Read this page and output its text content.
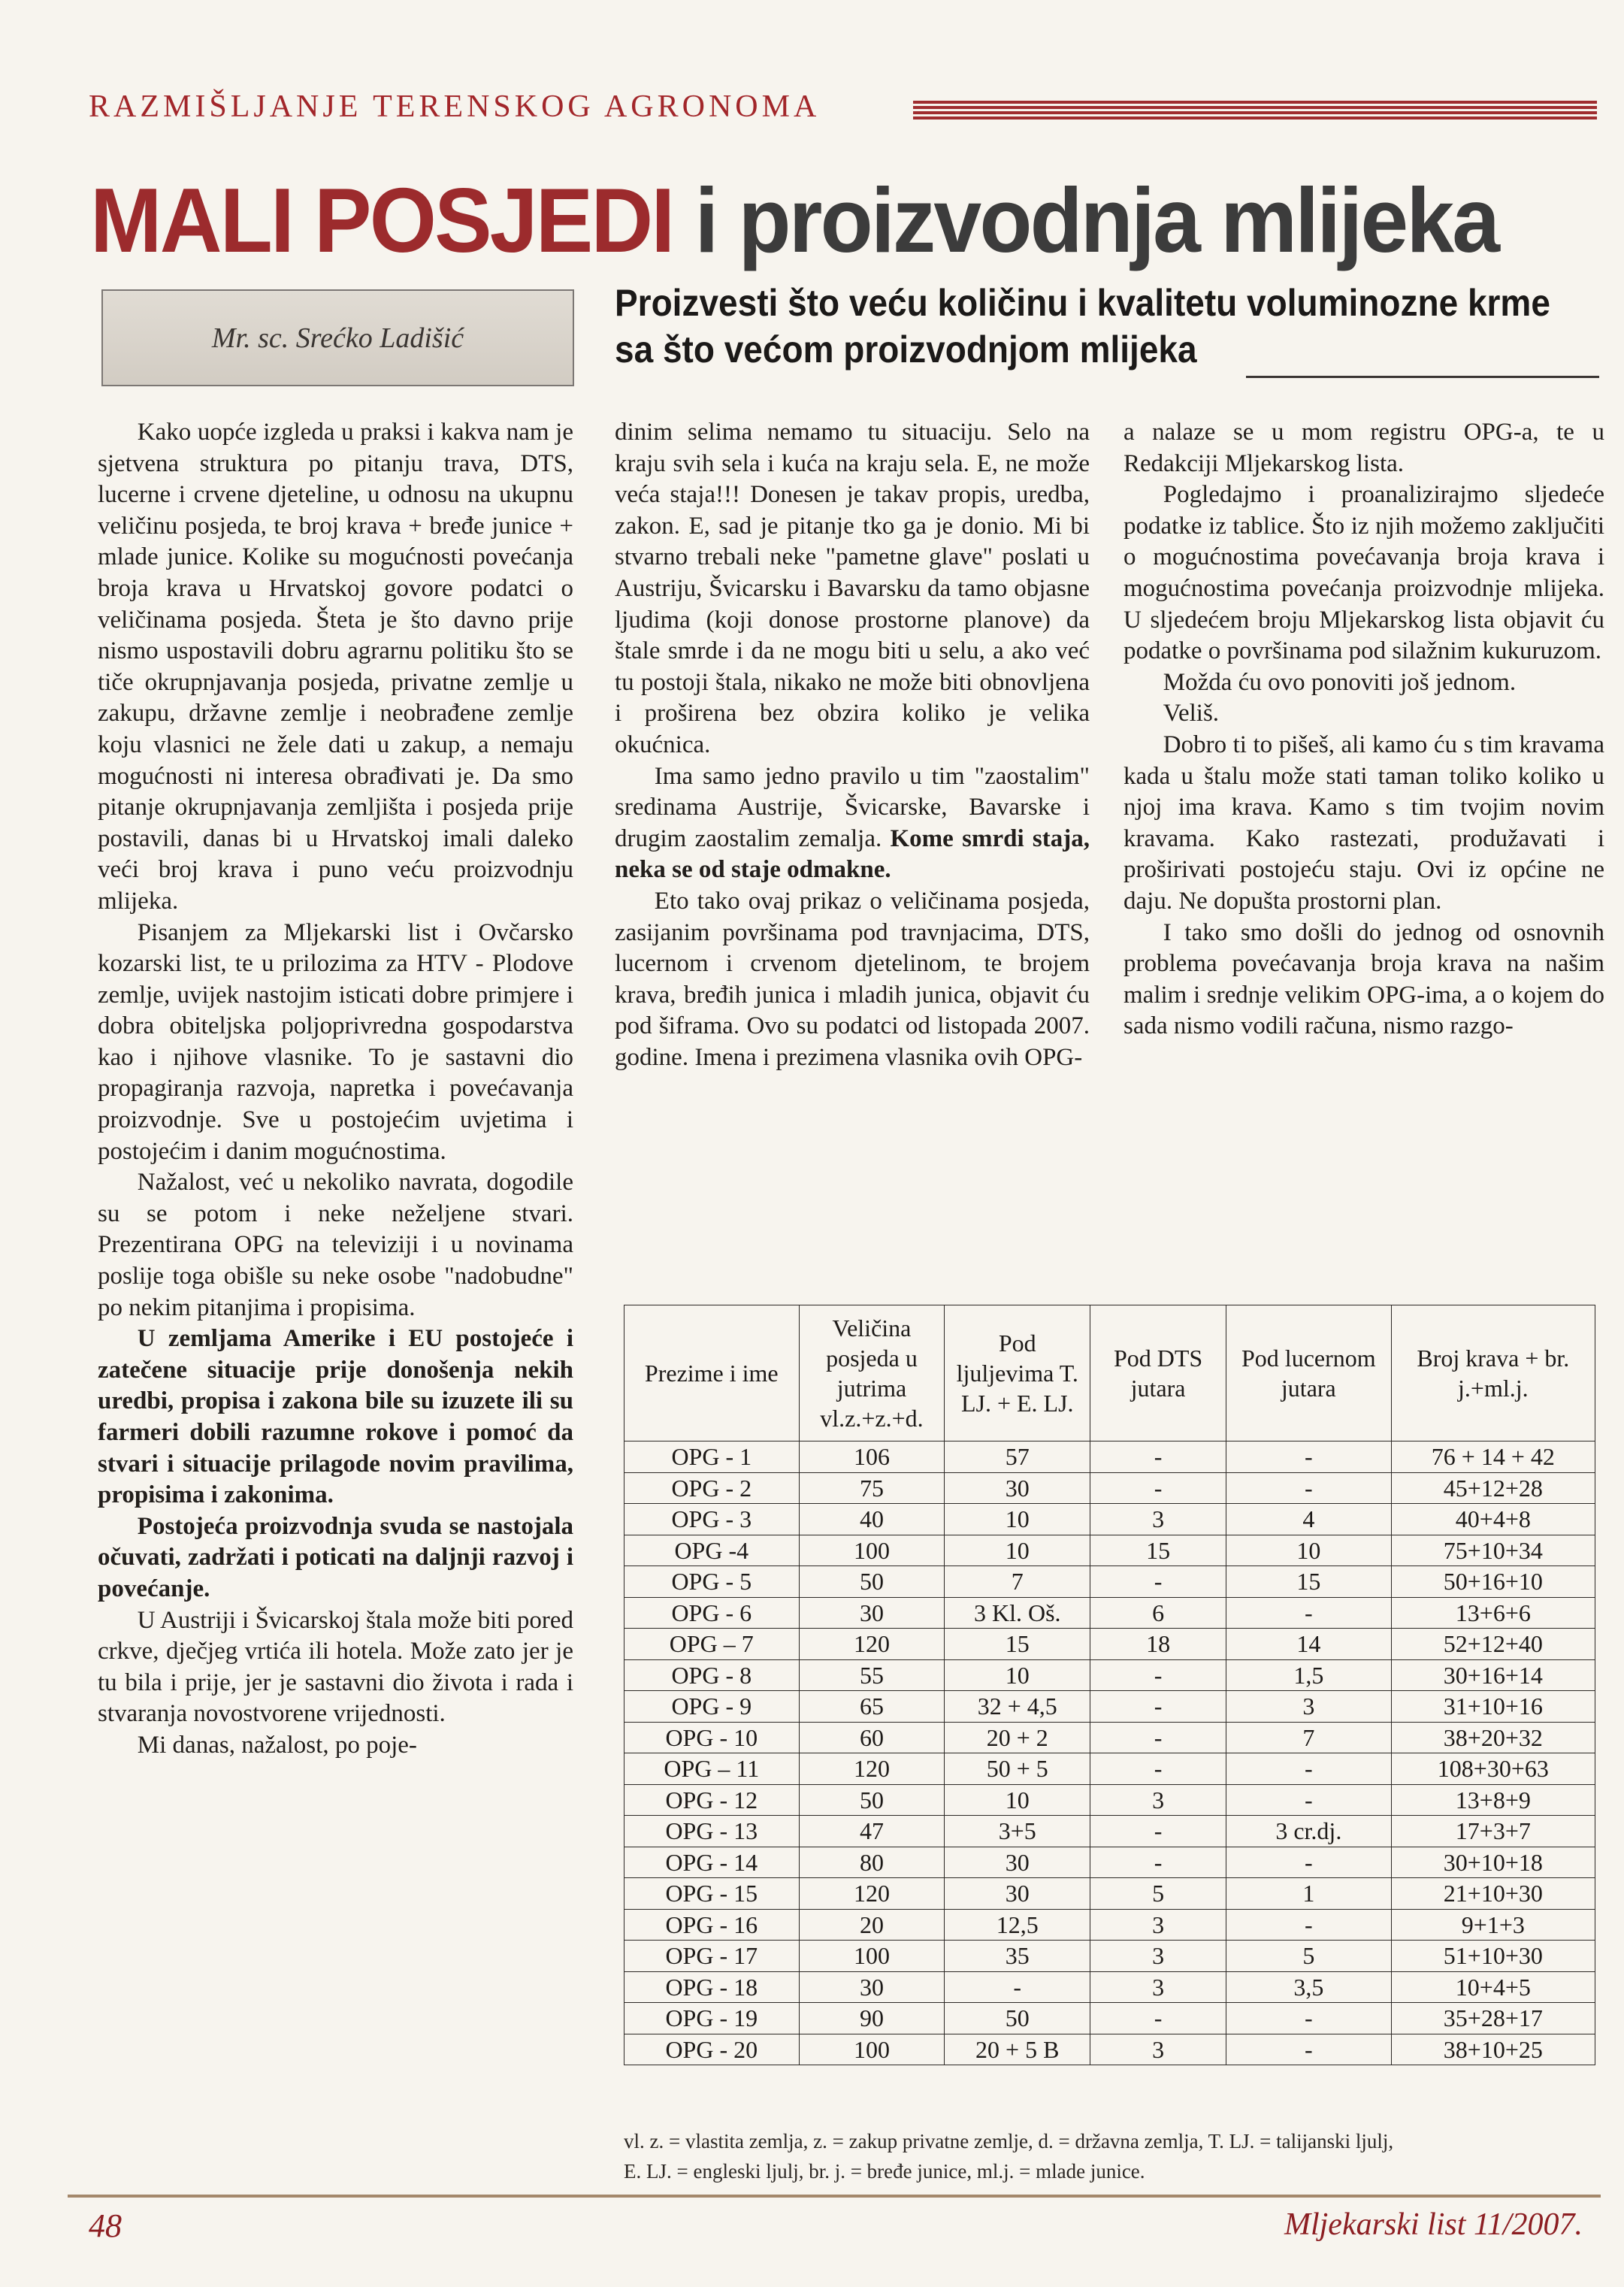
RAZMIŠLJANJE TERENSKOG AGRONOMA
MALI POSJEDI i proizvodnja mlijeka
Mr. sc. Srećko Ladišić
Proizvesti što veću količinu i kvalitetu voluminozne krme
sa što većom proizvodnjom mlijeka

Kako uopće izgleda u praksi i kakva nam je sjetvena struktura po pitanju trava, DTS, lucerne i crvene djeteline, u odnosu na ukupnu veličinu posjeda, te broj krava + bređe junice + mlade junice. Kolike su mogućnosti povećanja broja krava u Hrvatskoj govore podatci o veličinama posjeda. Šteta je što davno prije nismo uspostavili dobru agrarnu politiku što se tiče okrupnjavanja posjeda, privatne zemlje u zakupu, državne zemlje i neobrađene zemlje koju vlasnici ne žele dati u zakup, a nemaju mogućnosti ni interesa obrađivati je. Da smo pitanje okrupnjavanja zemljišta i posjeda prije postavili, danas bi u Hrvatskoj imali daleko veći broj krava i puno veću proizvodnju mlijeka.

Pisanjem za Mljekarski list i Ovčarsko kozarski list, te u prilozima za HTV - Plodove zemlje, uvijek nastojim isticati dobre primjere i dobra obiteljska poljoprivredna gospodarstva kao i njihove vlasnike. To je sastavni dio propagiranja razvoja, napretka i povećavanja proizvodnje. Sve u postojećim uvjetima i postojećim i danim mogućnostima.

Nažalost, već u nekoliko navrata, dogodile su se potom i neke neželjene stvari. Prezentirana OPG na televiziji i u novinama poslije toga obišle su neke osobe "nadobudne" po nekim pitanjima i propisima.

U zemljama Amerike i EU postojeće i zatečene situacije prije donošenja nekih uredbi, propisa i zakona bile su izuzete ili su farmeri dobili razumne rokove i pomoć da stvari i situacije prilagode novim pravilima, propisima i zakonima.

Postojeća proizvodnja svuda se nastojala očuvati, zadržati i poticati na daljnji razvoj i povećanje.

U Austriji i Švicarskoj štala može biti pored crkve, dječjeg vrtića ili hotela. Može zato jer je tu bila i prije, jer je sastavni dio života i rada i stvaranja novostvorene vrijednosti.

Mi danas, nažalost, po poje-

dinim selima nemamo tu situaciju. Selo na kraju svih sela i kuća na kraju sela. E, ne može veća staja!!! Donesen je takav propis, uredba, zakon. E, sad je pitanje tko ga je donio. Mi bi stvarno trebali neke "pametne glave" poslati u Austriju, Švicarsku i Bavarsku da tamo objasne ljudima (koji donose prostorne planove) da štale smrde i da ne mogu biti u selu, a ako već tu postoji štala, nikako ne može biti obnovljena i proširena bez obzira koliko je velika okućnica.

Ima samo jedno pravilo u tim "zaostalim" sredinama Austrije, Švicarske, Bavarske i drugim zaostalim zemalja. Kome smrdi staja, neka se od staje odmakne.

Eto tako ovaj prikaz o veličinama posjeda, zasijanim površinama pod travnjacima, DTS, lucernom i crvenom djetelinom, te brojem krava, bređih junica i mladih junica, objavit ću pod šiframa. Ovo su podatci od listopada 2007. godine. Imena i prezimena vlasnika ovih OPG-

a nalaze se u mom registru OPG-a, te u Redakciji Mljekarskog lista.

Pogledajmo i proanalizirajmo sljedeće podatke iz tablice. Što iz njih možemo zaključiti o mogućnostima povećavanja broja krava i mogućnostima povećanja proizvodnje mlijeka. U sljedećem broju Mljekarskog lista objavit ću podatke o površinama pod silažnim kukuruzom.

Možda ću ovo ponoviti još jednom.

Veliš.

Dobro ti to pišeš, ali kamo ću s tim kravama kada u štalu može stati taman toliko koliko u njoj ima krava. Kamo s tim tvojim novim kravama. Kako rastezati, produžavati i proširivati postojeću staju. Ovi iz općine ne daju. Ne dopušta prostorni plan.

I tako smo došli do jednog od osnovnih problema povećavanja broja krava na našim malim i srednje velikim OPG-ima, a o kojem do sada nismo vodili računa, nismo razgo-

Prezime i ime	Veličina posjeda u jutrima vl.z.+z.+d.	Pod ljuljevima T. LJ. + E. LJ.	Pod DTS jutara	Pod lucernom jutara	Broj krava + br. j.+ml.j.
OPG - 1	106	57	-	-	76 + 14 + 42
OPG - 2	75	30	-	-	45+12+28
OPG - 3	40	10	3	4	40+4+8
OPG -4	100	10	15	10	75+10+34
OPG - 5	50	7	-	15	50+16+10
OPG - 6	30	3 Kl. Oš.	6	-	13+6+6
OPG – 7	120	15	18	14	52+12+40
OPG - 8	55	10	-	1,5	30+16+14
OPG - 9	65	32 + 4,5	-	3	31+10+16
OPG - 10	60	20 + 2	-	7	38+20+32
OPG – 11	120	50 + 5	-	-	108+30+63
OPG - 12	50	10	3	-	13+8+9
OPG - 13	47	3+5	-	3 cr.dj.	17+3+7
OPG - 14	80	30	-	-	30+10+18
OPG - 15	120	30	5	1	21+10+30
OPG - 16	20	12,5	3	-	9+1+3
OPG - 17	100	35	3	5	51+10+30
OPG - 18	30	-	3	3,5	10+4+5
OPG - 19	90	50	-	-	35+28+17
OPG - 20	100	20 + 5 B	3	-	38+10+25
vl. z. = vlastita zemlja, z. = zakup privatne zemlje, d. = državna zemlja, T. LJ. = talijanski ljulj,
E. LJ. = engleski ljulj, br. j. = bređe junice, ml.j. = mlade junice.
48	Mljekarski list 11/2007.
